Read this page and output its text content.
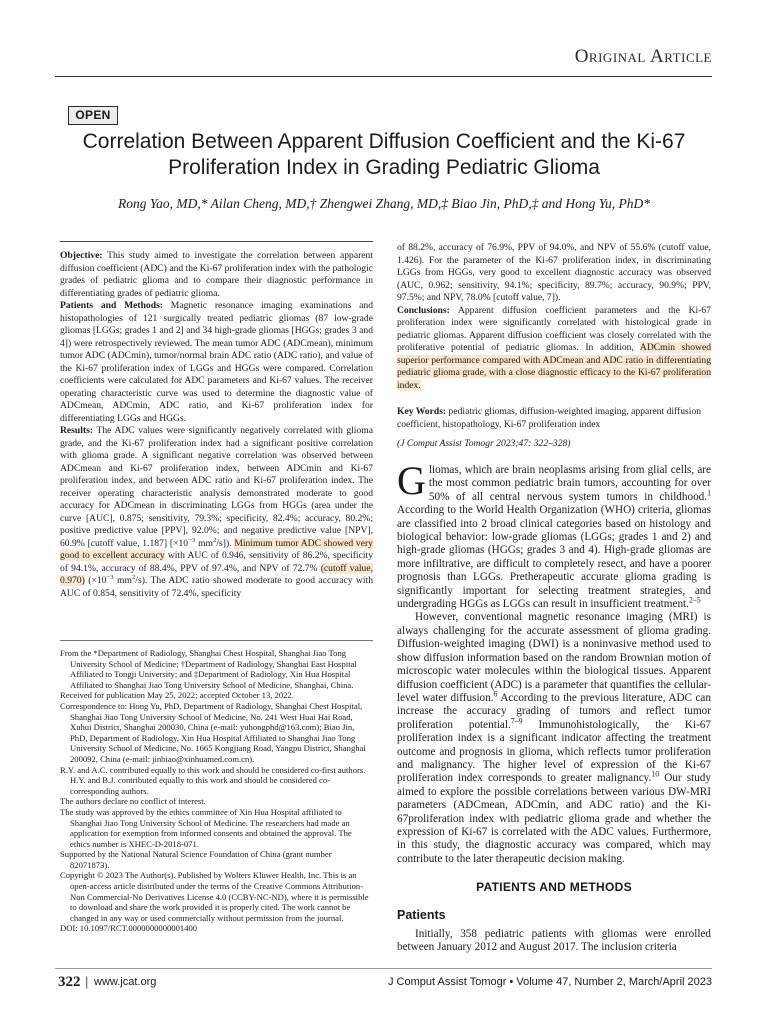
Original Article
OPEN
Correlation Between Apparent Diffusion Coefficient and the Ki-67 Proliferation Index in Grading Pediatric Glioma
Rong Yao, MD,* Ailan Cheng, MD,† Zhengwei Zhang, MD,‡ Biao Jin, PhD,‡ and Hong Yu, PhD*

Objective: This study aimed to investigate the correlation between apparent diffusion coefficient (ADC) and the Ki-67 proliferation index with the pathologic grades of pediatric glioma and to compare their diagnostic performance in differentiating grades of pediatric glioma.

Patients and Methods: Magnetic resonance imaging examinations and histopathologies of 121 surgically treated pediatric gliomas (87 low-grade gliomas [LGGs; grades 1 and 2] and 34 high-grade gliomas [HGGs; grades 3 and 4]) were retrospectively reviewed. The mean tumor ADC (ADCmean), minimum tumor ADC (ADCmin), tumor/normal brain ADC ratio (ADC ratio), and value of the Ki-67 proliferation index of LGGs and HGGs were compared. Correlation coefficients were calculated for ADC parameters and Ki-67 values. The receiver operating characteristic curve was used to determine the diagnostic value of ADCmean, ADCmin, ADC ratio, and Ki-67 proliferation index for differentiating LGGs and HGGs.

Results: The ADC values were significantly negatively correlated with glioma grade, and the Ki-67 proliferation index had a significant positive correlation with glioma grade. A significant negative correlation was observed between ADCmean and Ki-67 proliferation index, between ADCmin and Ki-67 proliferation index, and between ADC ratio and Ki-67 proliferation index. The receiver operating characteristic analysis demonstrated moderate to good accuracy for ADCmean in discriminating LGGs from HGGs (area under the curve [AUC], 0.875; sensitivity, 79.3%; specificity, 82.4%; accuracy, 80.2%; positive predictive value [PPV], 92.0%; and negative predictive value [NPV], 60.9% [cutoff value, 1.187] [$\times 10^{-3}$ $mm^2/s$]). Minimum tumor ADC showed very good to excellent accuracy with AUC of 0.946, sensitivity of 86.2%, specificity of 94.1%, accuracy of 88.4%, PPV of 97.4%, and NPV of 72.7% (cutoff value, 0.970) ($\times 10^{-3}$ $mm^2/s$). The ADC ratio showed moderate to good accuracy with AUC of 0.854, sensitivity of 72.4%, specificity

of 88.2%, accuracy of 76.9%, PPV of 94.0%, and NPV of 55.6% (cutoff value, 1.426). For the parameter of the Ki-67 proliferation index, in discriminating LGGs from HGGs, very good to excellent diagnostic accuracy was observed (AUC, 0.962; sensitivity, 94.1%; specificity, 89.7%; accuracy, 90.9%; PPV, 97.5%; and NPV, 78.0% [cutoff value, 7]).

Conclusions: Apparent diffusion coefficient parameters and the Ki-67 proliferation index were significantly correlated with histological grade in pediatric gliomas. Apparent diffusion coefficient was closely correlated with the proliferative potential of pediatric gliomas. In addition, ADCmin showed superior performance compared with ADCmean and ADC ratio in differentiating pediatric glioma grade, with a close diagnostic efficacy to the Ki-67 proliferation index.

Key Words: pediatric gliomas, diffusion-weighted imaging, apparent diffusion coefficient, histopathology, Ki-67 proliferation index
(J Comput Assist Tomogr 2023;47: 322–328)

Gliomas, which are brain neoplasms arising from glial cells, are the most common pediatric brain tumors, accounting for over 50% of all central nervous system tumors in childhood.$^1$ According to the World Health Organization (WHO) criteria, gliomas are classified into 2 broad clinical categories based on histology and biological behavior: low-grade gliomas (LGGs; grades 1 and 2) and high-grade gliomas (HGGs; grades 3 and 4). High-grade gliomas are more infiltrative, are difficult to completely resect, and have a poorer prognosis than LGGs. Pretherapeutic accurate glioma grading is significantly important for selecting treatment strategies, and undergrading HGGs as LGGs can result in insufficient treatment.$^{2-5}$

However, conventional magnetic resonance imaging (MRI) is always challenging for the accurate assessment of glioma grading. Diffusion-weighted imaging (DWI) is a noninvasive method used to show diffusion information based on the random Brownian motion of microscopic water molecules within the biological tissues. Apparent diffusion coefficient (ADC) is a parameter that quantifies the cellular-level water diffusion.$^6$ According to the previous literature, ADC can increase the accuracy grading of tumors and reflect tumor proliferation potential.$^{7-9}$ Immunohistologically, the Ki-67 proliferation index is a significant indicator affecting the treatment outcome and prognosis in glioma, which reflects tumor proliferation and malignancy. The higher level of expression of the Ki-67 proliferation index corresponds to greater malignancy.$^{10}$ Our study aimed to explore the possible correlations between various DW-MRI parameters (ADCmean, ADCmin, and ADC ratio) and the Ki-67proliferation index with pediatric glioma grade and whether the expression of Ki-67 is correlated with the ADC values. Furthermore, in this study, the diagnostic accuracy was compared, which may contribute to the later therapeutic decision making.

PATIENTS AND METHODS
Patients

Initially, 358 pediatric patients with gliomas were enrolled between January 2012 and August 2017. The inclusion criteria

From the *Department of Radiology, Shanghai Chest Hospital, Shanghai Jiao Tong University School of Medicine; †Department of Radiology, Shanghai East Hospital Affiliated to Tongji University; and ‡Department of Radiology, Xin Hua Hospital Affiliated to Shanghai Jiao Tong University School of Medicine, Shanghai, China.

Received for publication May 25, 2022; accepted October 13, 2022.

Correspondence to: Hong Yu, PhD, Department of Radiology, Shanghai Chest Hospital, Shanghai Jiao Tong University School of Medicine, No. 241 West Huai Hai Road, Xuhui District, Shanghai 200030, China (e-mail: yuhongphd@163.com); Biao Jin, PhD, Department of Radiology, Xin Hua Hospital Affiliated to Shanghai Jiao Tong University School of Medicine, No. 1665 Kongjiang Road, Yangpu District, Shanghai 200092, China (e-mail: jinbiao@xinhuamed.com.cn).

R.Y. and A.C. contributed equally to this work and should be considered co-first authors. H.Y. and B.J. contributed equally to this work and should be considered co-corresponding authors.

The authors declare no conflict of interest.

The study was approved by the ethics committee of Xin Hua Hospital affiliated to Shanghai Jiao Tong University School of Medicine. The researchers had made an application for exemption from informed consents and obtained the approval. The ethics number is XHEC-D-2018-071.

Supported by the National Natural Science Foundation of China (grant number 82071873).

Copyright © 2023 The Author(s). Published by Wolters Kluwer Health, Inc. This is an open-access article distributed under the terms of the Creative Commons Attribution-Non Commercial-No Derivatives License 4.0 (CCBY-NC-ND), where it is permissible to download and share the work provided it is properly cited. The work cannot be changed in any way or used commercially without permission from the journal.

DOI: 10.1097/RCT.0000000000001400

322 | www.jcat.org	J Comput Assist Tomogr • Volume 47, Number 2, March/April 2023
